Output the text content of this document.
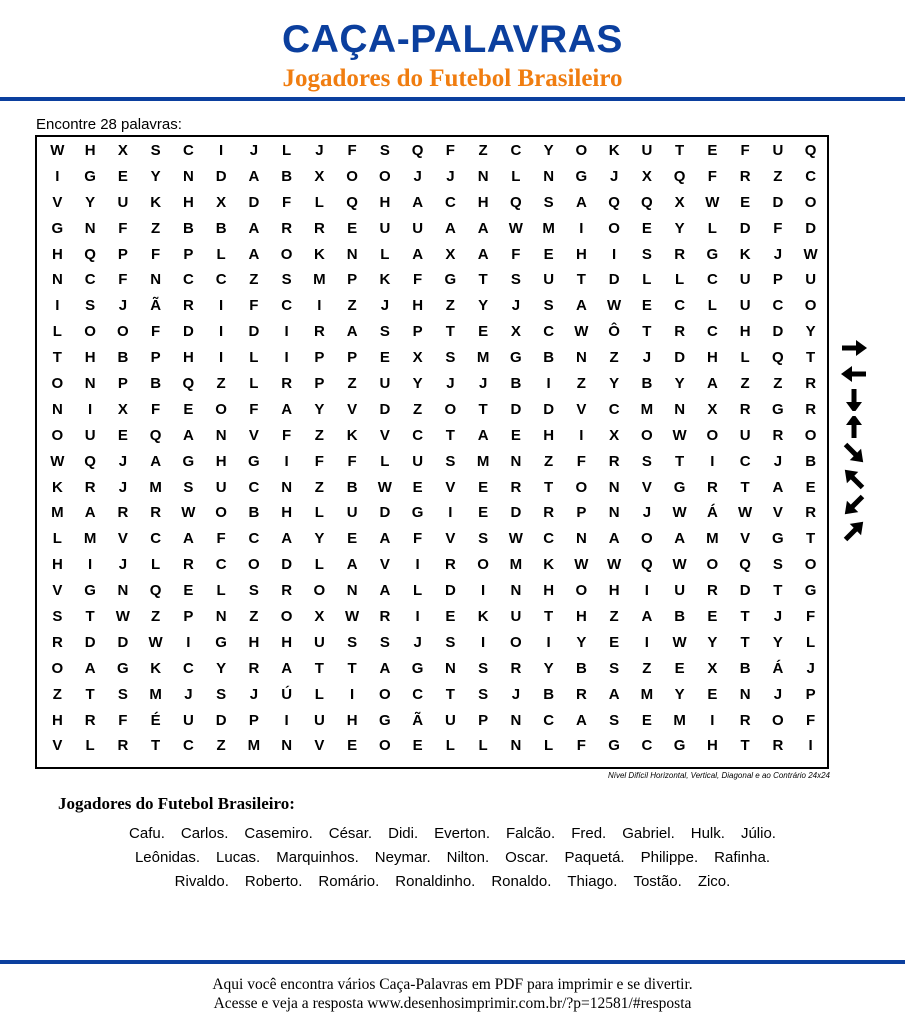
CAÇA-PALAVRAS
Jogadores do Futebol Brasileiro
Encontre 28 palavras:
W	H	X	S	C	I	J	L	J	F	S	Q	F	Z	C	Y	O	K	U	T	E	F	U	Q
I	G	E	Y	N	D	A	B	X	O	O	J	J	N	L	N	G	J	X	Q	F	R	Z	C
V	Y	U	K	H	X	D	F	L	Q	H	A	C	H	Q	S	A	Q	Q	X	W	E	D	O
G	N	F	Z	B	B	A	R	R	E	U	U	A	A	W	M	I	O	E	Y	L	D	F	D
H	Q	P	F	P	L	A	O	K	N	L	A	X	A	F	E	H	I	S	R	G	K	J	W
N	C	F	N	C	C	Z	S	M	P	K	F	G	T	S	U	T	D	L	L	C	U	P	U
I	S	J	Ã	R	I	F	C	I	Z	J	H	Z	Y	J	S	A	W	E	C	L	U	C	O
L	O	O	F	D	I	D	I	R	A	S	P	T	E	X	C	W	Ô	T	R	C	H	D	Y
T	H	B	P	H	I	L	I	P	P	E	X	S	M	G	B	N	Z	J	D	H	L	Q	T
O	N	P	B	Q	Z	L	R	P	Z	U	Y	J	J	B	I	Z	Y	B	Y	A	Z	Z	R
N	I	X	F	E	O	F	A	Y	V	D	Z	O	T	D	D	V	C	M	N	X	R	G	R
O	U	E	Q	A	N	V	F	Z	K	V	C	T	A	E	H	I	X	O	W	O	U	R	O
W	Q	J	A	G	H	G	I	F	F	L	U	S	M	N	Z	F	R	S	T	I	C	J	B
K	R	J	M	S	U	C	N	Z	B	W	E	V	E	R	T	O	N	V	G	R	T	A	E
M	A	R	R	W	O	B	H	L	U	D	G	I	E	D	R	P	N	J	W	Á	W	V	R
L	M	V	C	A	F	C	A	Y	E	A	F	V	S	W	C	N	A	O	A	M	V	G	T
H	I	J	L	R	C	O	D	L	A	V	I	R	O	M	K	W	W	Q	W	O	Q	S	O
V	G	N	Q	E	L	S	R	O	N	A	L	D	I	N	H	O	H	I	U	R	D	T	G
S	T	W	Z	P	N	Z	O	X	W	R	I	E	K	U	T	H	Z	A	B	E	T	J	F
R	D	D	W	I	G	H	H	U	S	S	J	S	I	O	I	Y	E	I	W	Y	T	Y	L
O	A	G	K	C	Y	R	A	T	T	A	G	N	S	R	Y	B	S	Z	E	X	B	Á	J
Z	T	S	M	J	S	J	Ú	L	I	O	C	T	S	J	B	R	A	M	Y	E	N	J	P
H	R	F	É	U	D	P	I	U	H	G	Ã	U	P	N	C	A	S	E	M	I	R	O	F
V	L	R	T	C	Z	M	N	V	E	O	E	L	L	N	L	F	G	C	G	H	T	R	I
Nível Difícil Horizontal, Vertical, Diagonal e ao Contrário 24x24
Jogadores do Futebol Brasileiro:
Cafu. Carlos. Casemiro. César. Didi. Everton. Falcão. Fred. Gabriel. Hulk. Júlio.
Leônidas. Lucas. Marquinhos. Neymar. Nilton. Oscar. Paquetá. Philippe. Rafinha.
Rivaldo. Roberto. Romário. Ronaldinho. Ronaldo. Thiago. Tostão. Zico.
Aqui você encontra vários Caça-Palavras em PDF para imprimir e se divertir.
Acesse e veja a resposta www.desenhosimprimir.com.br/?p=12581/#resposta
